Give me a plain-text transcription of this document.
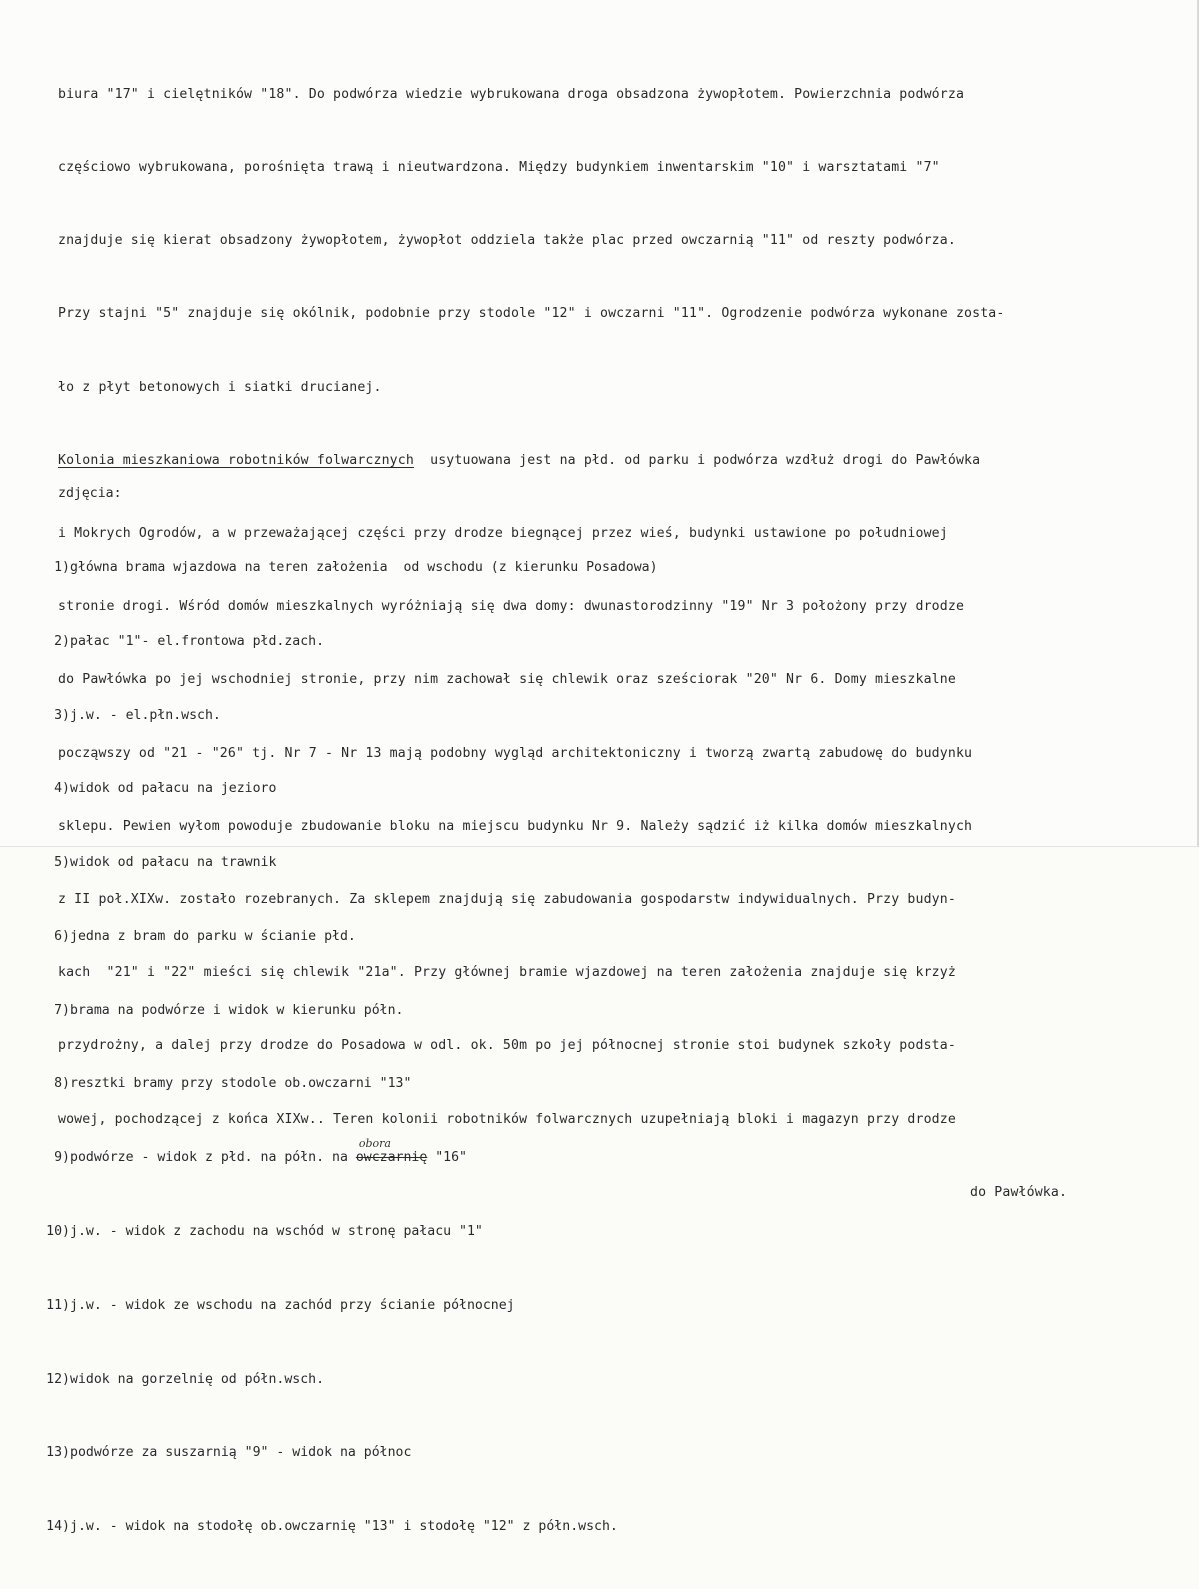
biura "17" i cielętników "18". Do podwórza wiedzie wybrukowana droga obsadzona żywopłotem. Powierzchnia podwórza

częściowo wybrukowana, porośnięta trawą i nieutwardzona. Między budynkiem inwentarskim "10" i warsztatami "7"

znajduje się kierat obsadzony żywopłotem, żywopłot oddziela także plac przed owczarnią "11" od reszty podwórza.

Przy stajni "5" znajduje się okólnik, podobnie przy stodole "12" i owczarni "11". Ogrodzenie podwórza wykonane zosta-

ło z płyt betonowych i siatki drucianej.

Kolonia mieszkaniowa robotników folwarcznych  usytuowana jest na płd. od parku i podwórza wzdłuż drogi do Pawłówka

i Mokrych Ogrodów, a w przeważającej części przy drodze biegnącej przez wieś, budynki ustawione po południowej

stronie drogi. Wśród domów mieszkalnych wyróżniają się dwa domy: dwunastorodzinny "19" Nr 3 położony przy drodze

do Pawłówka po jej wschodniej stronie, przy nim zachował się chlewik oraz sześciorak "20" Nr 6. Domy mieszkalne

począwszy od "21 - "26" tj. Nr 7 - Nr 13 mają podobny wygląd architektoniczny i tworzą zwartą zabudowę do budynku

sklepu. Pewien wyłom powoduje zbudowanie bloku na miejscu budynku Nr 9. Należy sądzić iż kilka domów mieszkalnych

z II poł.XIXw. zostało rozebranych. Za sklepem znajdują się zabudowania gospodarstw indywidualnych. Przy budyn-

kach  "21" i "22" mieści się chlewik "21a". Przy głównej bramie wjazdowej na teren założenia znajduje się krzyż

przydrożny, a dalej przy drodze do Posadowa w odl. ok. 50m po jej północnej stronie stoi budynek szkoły podsta-

wowej, pochodzącej z końca XIXw.. Teren kolonii robotników folwarcznych uzupełniają bloki i magazyn przy drodze

do Pawłówka.

zdjęcia:

1)główna brama wjazdowa na teren założenia  od wschodu (z kierunku Posadowa)

2)pałac "1"- el.frontowa płd.zach.

3)j.w. - el.płn.wsch.

4)widok od pałacu na jezioro

5)widok od pałacu na trawnik

6)jedna z bram do parku w ścianie płd.

7)brama na podwórze i widok w kierunku półn.

8)resztki bramy przy stodole ob.owczarni "13"

9)podwórze - widok z płd. na półn. na
obora
owczarnię "16"

10)j.w. - widok z zachodu na wschód w stronę pałacu "1"

11)j.w. - widok ze wschodu na zachód przy ścianie północnej

12)widok na gorzelnię od półn.wsch.

13)podwórze za suszarnią "9" - widok na północ

14)j.w. - widok na stodołę ob.owczarnię "13" i stodołę "12" z półn.wsch.
